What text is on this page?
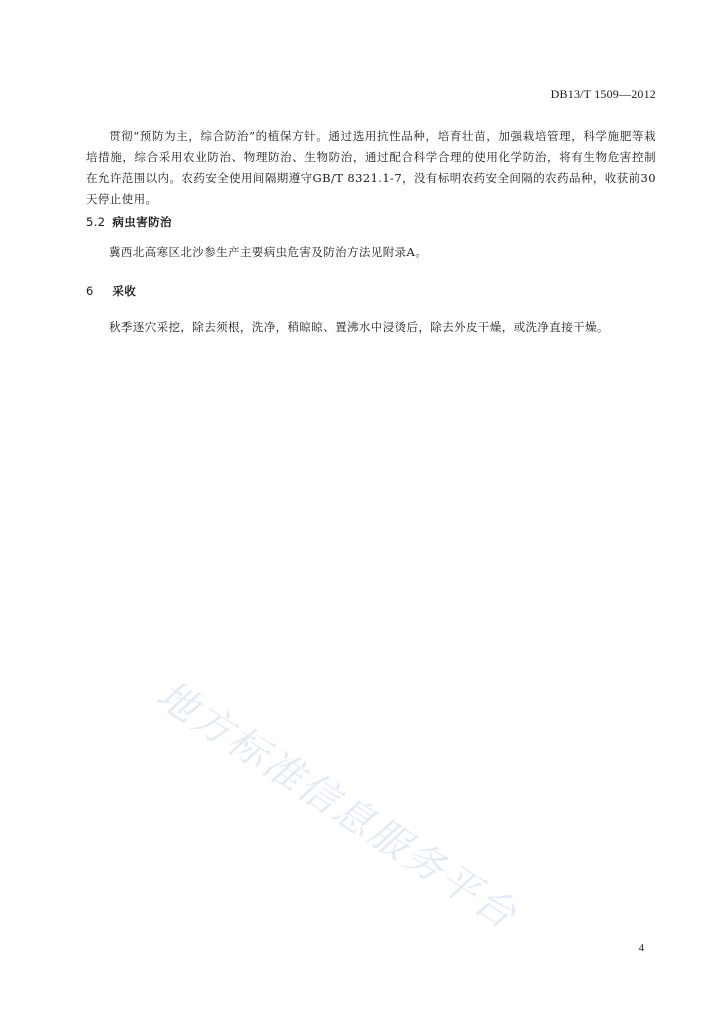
DB13/T 1509—2012

贯彻“预防为主，综合防治”的植保方针。通过选用抗性品种，培育壮苗，加强栽培管理，科学施肥等栽培措施，综合采用农业防治、物理防治、生物防治，通过配合科学合理的使用化学防治，将有生物危害控制在允许范围以内。农药安全使用间隔期遵守GB/T 8321.1-7，没有标明农药安全间隔的农药品种，收获前30天停止使用。

5.2 病虫害防治

冀西北高寒区北沙参生产主要病虫危害及防治方法见附录A。

6 采收

秋季逐穴采挖，除去须根，洗净，稍晾晾、置沸水中浸烫后，除去外皮干燥，或洗净直接干燥。

地方标准信息服务平台
4
